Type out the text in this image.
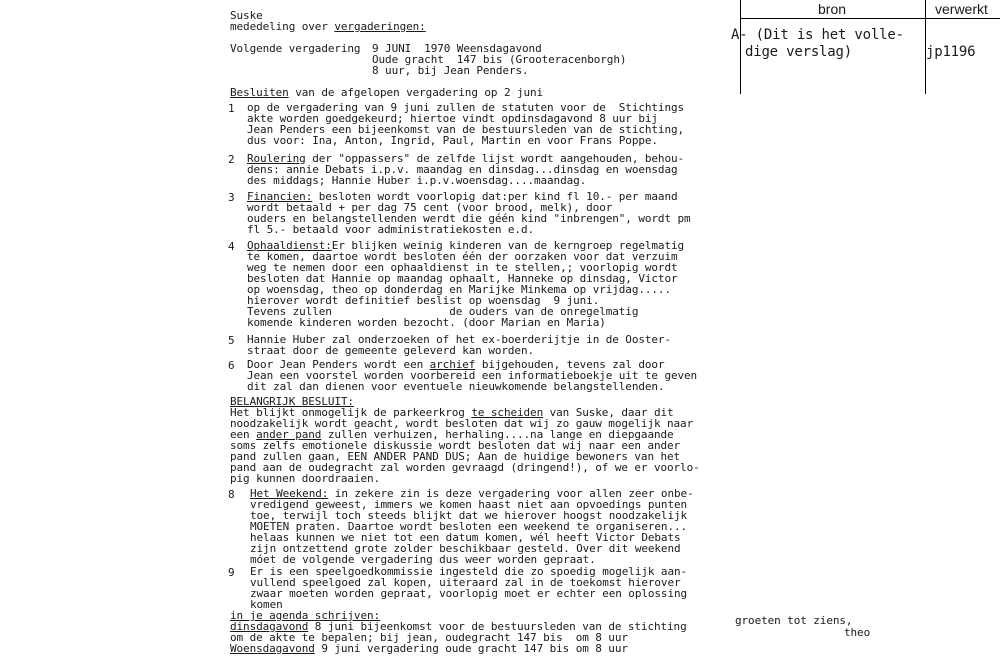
Suske
mededeling over vergaderingen:
Volgende vergadering 9 JUNI  1970 Weensdagavond
Oude gracht  147 bis (Grooteracenborgh)
8 uur, bij Jean Penders.
Besluiten van de afgelopen vergadering op 2 juni
1 op de vergadering van 9 juni zullen de statuten voor de  Stichtings
akte worden goedgekeurd; hiertoe vindt opdinsdagavond 8 uur bij
Jean Penders een bijeenkomst van de bestuursleden van de stichting,
dus voor: Ina, Anton, Ingrid, Paul, Martin en voor Frans Poppe.
2 Roulering der "oppassers" de zelfde lijst wordt aangehouden, behou-
dens: annie Debats i.p.v. maandag en dinsdag...dinsdag en woensdag
des middags; Hannie Huber i.p.v.woensdag....maandag.
3 Financien: besloten wordt voorlopig dat:per kind fl 10.- per maand
wordt betaald + per dag 75 cent (voor brood, melk), door
ouders en belangstellenden werdt die géén kind "inbrengen", wordt pm
fl 5.- betaald voor administratiekosten e.d.
4 Ophaaldienst:Er blijken weinig kinderen van de kerngroep regelmatig
te komen, daartoe wordt besloten één der oorzaken voor dat verzuim
weg te nemen door een ophaaldienst in te stellen,; voorlopig wordt
besloten dat Hannie op maandag ophaalt, Hanneke op dinsdag, Victor
op woensdag, theo op donderdag en Marijke Minkema op vrijdag.....
hierover wordt definitief beslist op woensdag  9 juni.
Tevens zullen                  de ouders van de onregelmatig
komende kinderen worden bezocht. (door Marian en Maria)
5 Hannie Huber zal onderzoeken of het ex-boerderijtje in de Ooster-
straat door de gemeente geleverd kan worden.
6 Door Jean Penders wordt een archief bijgehouden, tevens zal door
Jean een voorstel worden voorbereid een informatieboekje uit te geven
dit zal dan dienen voor eventuele nieuwkomende belangstellenden.
BELANGRIJK BESLUIT:
Het blijkt onmogelijk de parkeerkrog te scheiden van Suske, daar dit
noodzakelijk wordt geacht, wordt besloten dat wij zo gauw mogelijk naar
een ander pand zullen verhuizen, herhaling....na lange en diepgaande
soms zelfs emotionele diskussie wordt besloten dat wij naar een ander
pand zullen gaan, EEN ANDER PAND DUS; Aan de huidige bewoners van het
pand aan de oudegracht zal worden gevraagd (dringend!), of we er voorlo-
pig kunnen doordraaien.
8 Het Weekend: in zekere zin is deze vergadering voor allen zeer onbe-
vredigend geweest, immers we komen haast niet aan opvoedings punten
toe, terwijl toch steeds blijkt dat we hierover hoogst noodzakelijk
MOETEN praten. Daartoe wordt besloten een weekend te organiseren...
helaas kunnen we niet tot een datum komen, wél heeft Victor Debats
zijn ontzettend grote zolder beschikbaar gesteld. Over dit weekend
móet de volgende vergadering dus weer worden gepraat.
9 Er is een speelgoedkommissie ingesteld die zo spoedig mogelijk aan-
vullend speelgoed zal kopen, uiteraard zal in de toekomst hierover
zwaar moeten worden gepraat, voorlopig moet er echter een oplossing
komen
in je agenda schrijven:
dinsdagavond 8 juni bijeenkomst voor de bestuursleden van de stichting
om de akte te bepalen; bij jean, oudegracht 147 bis  om 8 uur
Woensdagavond 9 juni vergadering oude gracht 147 bis om 8 uur
groeten tot ziens,
theo
bron	verwerkt
A- (Dit is het volle-
dige verslag)	jp1196
